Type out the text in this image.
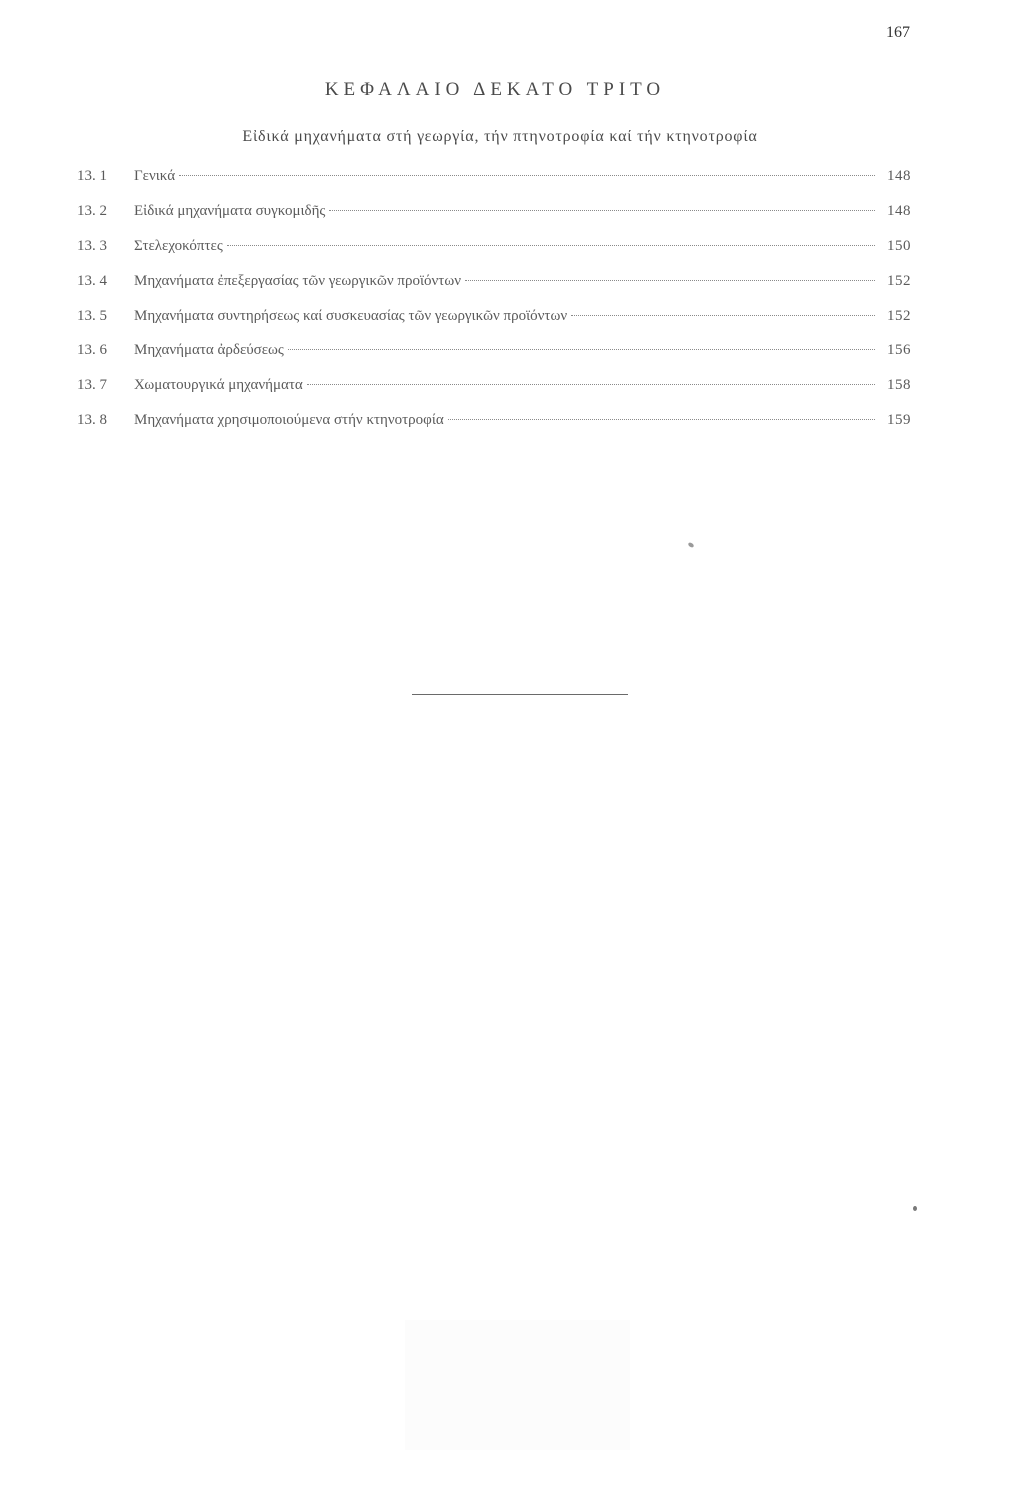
167
ΚΕΦΑΛΑΙΟ ΔΕΚΑΤΟ ΤΡΙΤΟ
Εἰδικά μηχανήματα στή γεωργία, τήν πτηνοτροφία καί τήν κτηνοτροφία
13. 1	Γενικά	148
13. 2	Εἰδικά μηχανήματα συγκομιδῆς	148
13. 3	Στελεχοκόπτες	150
13. 4	Μηχανήματα ἐπεξεργασίας τῶν γεωργικῶν προϊόντων	152
13. 5	Μηχανήματα συντηρήσεως καί συσκευασίας τῶν γεωργικῶν προϊόντων	152
13. 6	Μηχανήματα ἀρδεύσεως	156
13. 7	Χωματουργικά μηχανήματα	158
13. 8	Μηχανήματα χρησιμοποιούμενα στήν κτηνοτροφία	159
